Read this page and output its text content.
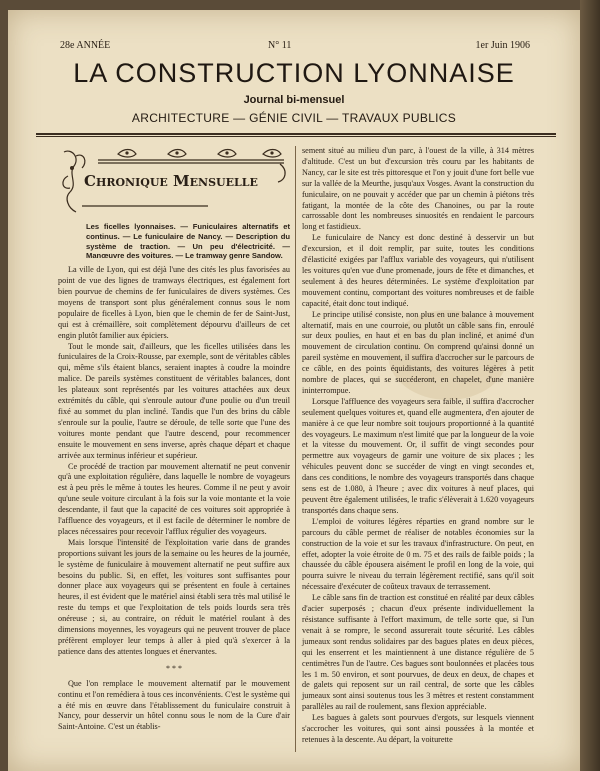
28e ANNÉE	N° 11	1er Juin 1906
LA CONSTRUCTION LYONNAISE
Journal bi-mensuel
ARCHITECTURE — GÉNIE CIVIL — TRAVAUX PUBLICS
Chronique Mensuelle
Les ficelles lyonnaises. — Funiculaires alternatifs et continus. — Le funiculaire de Nancy. — Description du système de traction. — Un peu d'électricité. — Manœuvre des voitures. — Le tramway genre Sandow.

La ville de Lyon, qui est déjà l'une des cités les plus favorisées au point de vue des lignes de tramways électriques, est également fort bien pourvue de chemins de fer funiculaires de divers systèmes. Ces moyens de transport sont plus généralement connus sous le nom populaire de ficelles à Lyon, bien que le chemin de fer de Saint-Just, qui est à crémaillère, soit complètement dépourvu d'ailleurs de cet engin plutôt familier aux épiciers.

Tout le monde sait, d'ailleurs, que les ficelles utilisées dans les funiculaires de la Croix-Rousse, par exemple, sont de véritables câbles qui, même s'ils étaient blancs, seraient inaptes à coudre la moindre malice. De pareils systèmes constituent de véritables balances, dont les plateaux sont représentés par les voitures attachées aux deux extrémités du câble, qui s'enroule autour d'une poulie ou d'un treuil fixé au sommet du plan incliné. Tandis que l'un des brins du câble s'enroule sur la poulie, l'autre se déroule, de telle sorte que l'une des voitures monte pendant que l'autre descend, pour recommencer ensuite le mouvement en sens inverse, après chaque départ et chaque arrivée aux terminus inférieur et supérieur.

Ce procédé de traction par mouvement alternatif ne peut convenir qu'à une exploitation régulière, dans laquelle le nombre de voyageurs est à peu près le même à toutes les heures. Comme il ne peut y avoir qu'une seule voiture circulant à la fois sur la voie montante et la voie descendante, il faut que la capacité de ces voitures soit appropriée à l'affluence des voyageurs, et il est facile de déterminer le nombre de places nécessaires pour recevoir l'afflux régulier des voyageurs.

Mais lorsque l'intensité de l'exploitation varie dans de grandes proportions suivant les jours de la semaine ou les heures de la journée, le système de funiculaire à mouvement alternatif ne peut suffire aux besoins du public. Si, en effet, les voitures sont suffisantes pour donner place aux voyageurs qui se présentent en foule à certaines heures, il est évident que le matériel ainsi établi sera très mal utilisé le reste du temps et que l'exploitation de tels poids lourds sera très onéreuse ; si, au contraire, on réduit le matériel roulant à des dimensions moyennes, les voyageurs qui ne peuvent trouver de place préfèrent employer leur temps à aller à pied qu'à s'exercer à la patience dans des attentes longues et énervantes.

* * *

Que l'on remplace le mouvement alternatif par le mouvement continu et l'on remédiera à tous ces inconvénients. C'est le système qui a été mis en œuvre dans l'établissement du funiculaire construit à Nancy, pour desservir un hôtel connu sous le nom de la Cure d'air Saint-Antoine. C'est un établis-

sement situé au milieu d'un parc, à l'ouest de la ville, à 314 mètres d'altitude. C'est un but d'excursion très couru par les habitants de Nancy, car le site est très pittoresque et l'on y jouit d'une fort belle vue sur la vallée de la Meurthe, jusqu'aux Vosges. Avant la construction du funiculaire, on ne pouvait y accéder que par un chemin à piétons très fatigant, la montée de la côte des Chanoines, ou par la route carrossable dont les nombreuses sinuosités en rendaient le parcours long et fastidieux.

Le funiculaire de Nancy est donc destiné à desservir un but d'excursion, et il doit remplir, par suite, toutes les conditions d'élasticité exigées par l'afflux variable des voyageurs, qui n'utilisent les voitures qu'en vue d'une promenade, jours de fête et dimanches, et seulement à des heures déterminées. Le système d'exploitation par mouvement continu, comportant des voitures nombreuses et de faible capacité, était donc tout indiqué.

Le principe utilisé consiste, non plus en une balance à mouvement alternatif, mais en une courroie, ou plutôt un câble sans fin, enroulé sur deux poulies, en haut et en bas du plan incliné, et animé d'un mouvement de circulation continu. On comprend qu'ainsi donné un pareil système en mouvement, il suffira d'accrocher sur le parcours de ce câble, en des points équidistants, des voitures légères à petit nombre de places, qui se succéderont, en chapelet, d'une manière ininterrompue.

Lorsque l'affluence des voyageurs sera faible, il suffira d'accrocher seulement quelques voitures et, quand elle augmentera, d'en ajouter de manière à ce que leur nombre soit toujours proportionné à la quantité des voyageurs. Le maximum n'est limité que par la longueur de la voie et la vitesse du mouvement. Or, il suffit de vingt secondes pour permettre aux voyageurs de garnir une voiture de six places ; les véhicules peuvent donc se succéder de vingt en vingt secondes et, dans ces conditions, le nombre des voyageurs transportés dans chaque sens est de 1.080, à l'heure ; avec dix voitures à neuf places, qui peuvent être également utilisées, le trafic s'élèverait à 1.620 voyageurs transportés dans chaque sens.

L'emploi de voitures légères réparties en grand nombre sur le parcours du câble permet de réaliser de notables économies sur la construction de la voie et sur les travaux d'infrastructure. On peut, en effet, adopter la voie étroite de 0 m. 75 et des rails de faible poids ; la chaussée du câble épousera aisément le profil en long de la voie, qui pourra suivre le niveau du terrain légèrement rectifié, sans qu'il soit nécessaire d'exécuter de coûteux travaux de terrassement.

Le câble sans fin de traction est constitué en réalité par deux câbles d'acier superposés ; chacun d'eux présente individuellement la résistance suffisante à l'effort maximum, de telle sorte que, si l'un venait à se rompre, le second assurerait toute sécurité. Les câbles jumeaux sont rendus solidaires par des bagues plates en deux pièces, qui les enserrent et les maintiennent à une distance régulière de 5 centimètres l'un de l'autre. Ces bagues sont boulonnées et placées tous les 1 m. 50 environ, et sont pourvues, de deux en deux, de chapes et de galets qui reposent sur un rail central, de sorte que les câbles jumeaux sont ainsi soutenus tous les 3 mètres et restent constamment parallèles au rail de roulement, sans flexion appréciable.

Les bagues à galets sont pourvues d'ergots, sur lesquels viennent s'accrocher les voitures, qui sont ainsi poussées à la montée et retenues à la descente. Au départ, la voiturette
